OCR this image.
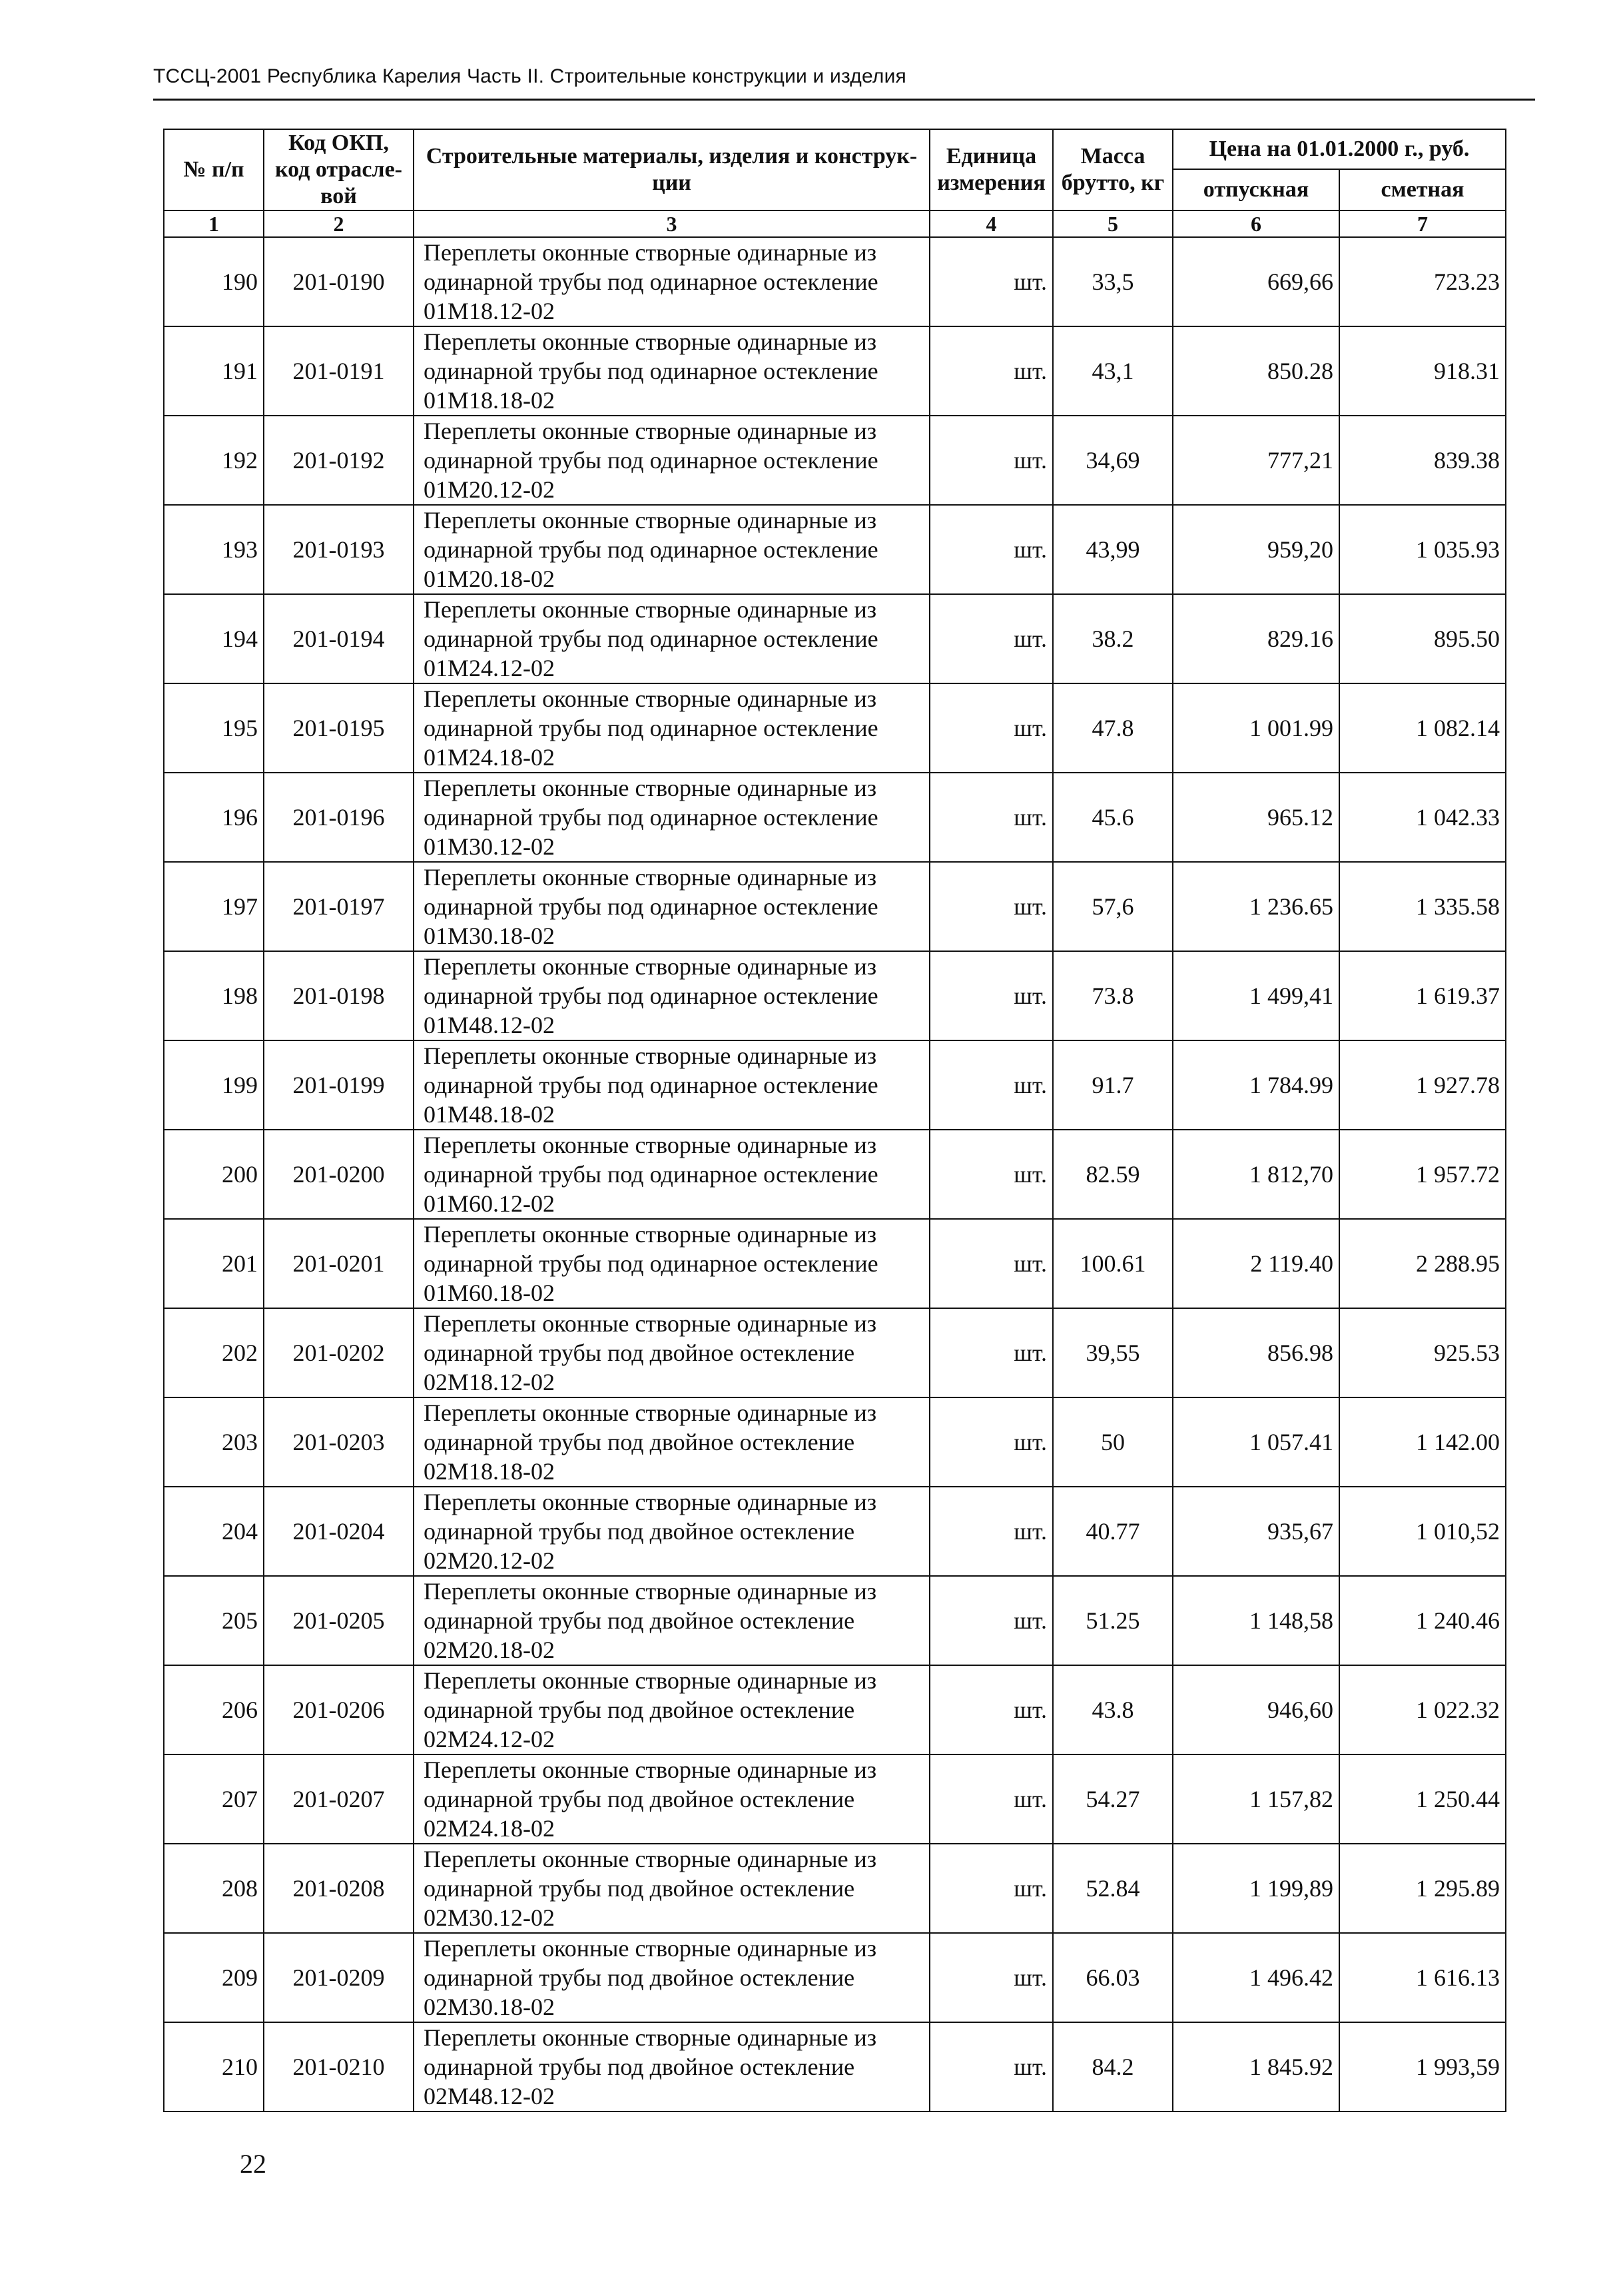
ТССЦ-2001 Республика Карелия Часть II. Строительные конструкции и изделия
№ п/п	Код ОКП, код отрасле-вой	Строительные материалы, изделия и конструк-ции	Единица измерения	Масса брутто, кг	Цена на 01.01.2000 г., руб.	
					отпускная	сметная
1	2	3	4	5	6	7
190	201-0190	Переплеты оконные створные одинарные из
одинарной трубы под одинарное остекление
01М18.12-02	шт.	33,5	669,66	723.23
191	201-0191	Переплеты оконные створные одинарные из
одинарной трубы под одинарное остекление
01М18.18-02	шт.	43,1	850.28	918.31
192	201-0192	Переплеты оконные створные одинарные из
одинарной трубы под одинарное остекление
01М20.12-02	шт.	34,69	777,21	839.38
193	201-0193	Переплеты оконные створные одинарные из
одинарной трубы под одинарное остекление
01М20.18-02	шт.	43,99	959,20	1 035.93
194	201-0194	Переплеты оконные створные одинарные из
одинарной трубы под одинарное остекление
01М24.12-02	шт.	38.2	829.16	895.50
195	201-0195	Переплеты оконные створные одинарные из
одинарной трубы под одинарное остекление
01М24.18-02	шт.	47.8	1 001.99	1 082.14
196	201-0196	Переплеты оконные створные одинарные из
одинарной трубы под одинарное остекление
01М30.12-02	шт.	45.6	965.12	1 042.33
197	201-0197	Переплеты оконные створные одинарные из
одинарной трубы под одинарное остекление
01М30.18-02	шт.	57,6	1 236.65	1 335.58
198	201-0198	Переплеты оконные створные одинарные из
одинарной трубы под одинарное остекление
01М48.12-02	шт.	73.8	1 499,41	1 619.37
199	201-0199	Переплеты оконные створные одинарные из
одинарной трубы под одинарное остекление
01М48.18-02	шт.	91.7	1 784.99	1 927.78
200	201-0200	Переплеты оконные створные одинарные из
одинарной трубы под одинарное остекление
01М60.12-02	шт.	82.59	1 812,70	1 957.72
201	201-0201	Переплеты оконные створные одинарные из
одинарной трубы под одинарное остекление
01М60.18-02	шт.	100.61	2 119.40	2 288.95
202	201-0202	Переплеты оконные створные одинарные из
одинарной трубы под двойное остекление
02М18.12-02	шт.	39,55	856.98	925.53
203	201-0203	Переплеты оконные створные одинарные из
одинарной трубы под двойное остекление
02М18.18-02	шт.	50	1 057.41	1 142.00
204	201-0204	Переплеты оконные створные одинарные из
одинарной трубы под двойное остекление
02М20.12-02	шт.	40.77	935,67	1 010,52
205	201-0205	Переплеты оконные створные одинарные из
одинарной трубы под двойное остекление
02М20.18-02	шт.	51.25	1 148,58	1 240.46
206	201-0206	Переплеты оконные створные одинарные из
одинарной трубы под двойное остекление
02М24.12-02	шт.	43.8	946,60	1 022.32
207	201-0207	Переплеты оконные створные одинарные из
одинарной трубы под двойное остекление
02М24.18-02	шт.	54.27	1 157,82	1 250.44
208	201-0208	Переплеты оконные створные одинарные из
одинарной трубы под двойное остекление
02М30.12-02	шт.	52.84	1 199,89	1 295.89
209	201-0209	Переплеты оконные створные одинарные из
одинарной трубы под двойное остекление
02М30.18-02	шт.	66.03	1 496.42	1 616.13
210	201-0210	Переплеты оконные створные одинарные из
одинарной трубы под двойное остекление
02М48.12-02	шт.	84.2	1 845.92	1 993,59
22
